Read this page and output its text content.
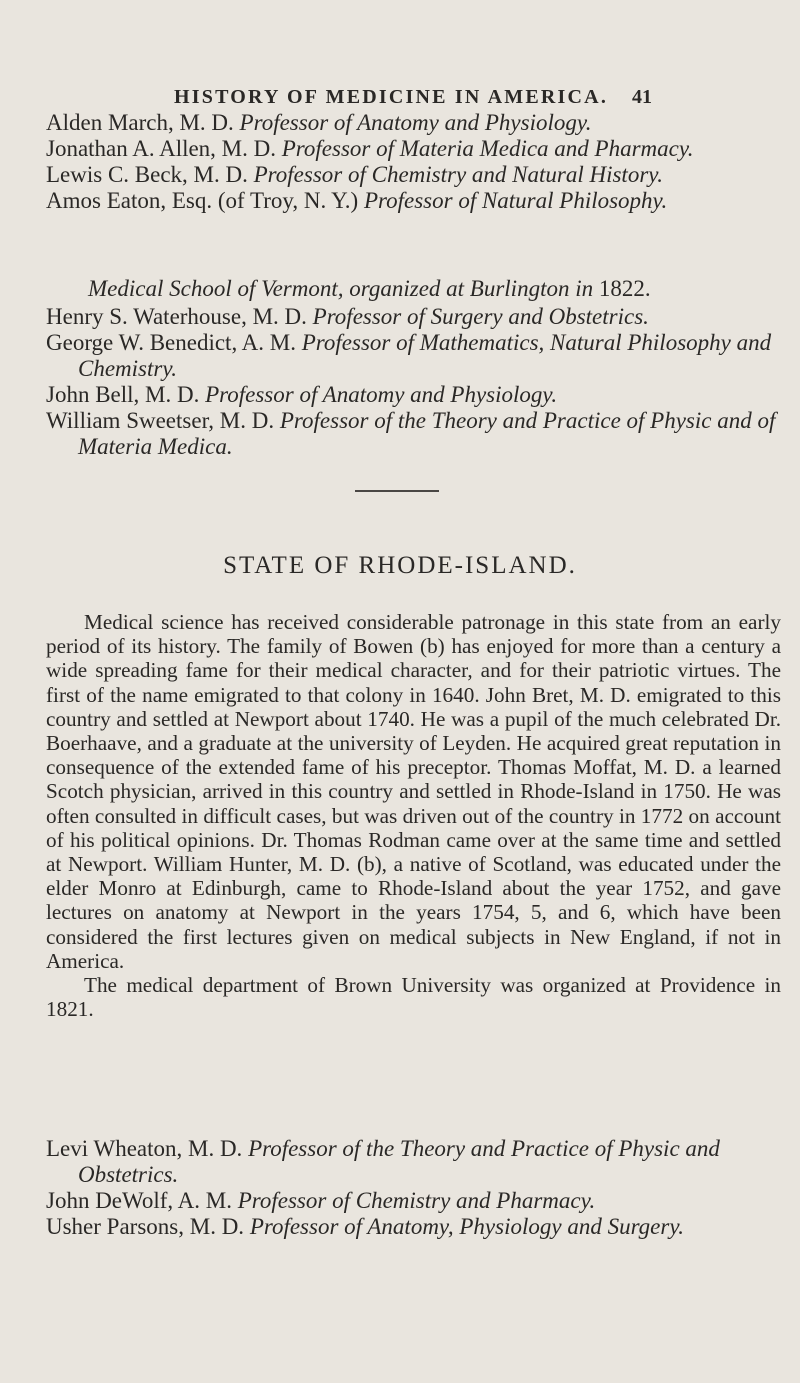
HISTORY OF MEDICINE IN AMERICA. 41

Alden March, M. D. Professor of Anatomy and Physiology.

Jonathan A. Allen, M. D. Professor of Materia Medica and Pharmacy.

Lewis C. Beck, M. D. Professor of Chemistry and Natural History.

Amos Eaton, Esq. (of Troy, N. Y.) Professor of Natural Philosophy.

Medical School of Vermont, organized at Burlington in 1822.

Henry S. Waterhouse, M. D. Professor of Surgery and Obstetrics.

George W. Benedict, A. M. Professor of Mathematics, Natural Philosophy and Chemistry.

John Bell, M. D. Professor of Anatomy and Physiology.

William Sweetser, M. D. Professor of the Theory and Practice of Physic and of Materia Medica.

STATE OF RHODE-ISLAND.

Medical science has received considerable patronage in this state from an early period of its history. The family of Bowen (b) has enjoyed for more than a century a wide spreading fame for their medical character, and for their patriotic virtues. The first of the name emigrated to that colony in 1640. John Bret, M. D. emigrated to this country and settled at Newport about 1740. He was a pupil of the much celebrated Dr. Boerhaave, and a graduate at the university of Leyden. He acquired great reputation in consequence of the extended fame of his preceptor. Thomas Moffat, M. D. a learned Scotch physician, arrived in this country and settled in Rhode-Island in 1750. He was often consulted in difficult cases, but was driven out of the country in 1772 on account of his political opinions. Dr. Thomas Rodman came over at the same time and settled at Newport. William Hunter, M. D. (b), a native of Scotland, was educated under the elder Monro at Edinburgh, came to Rhode-Island about the year 1752, and gave lectures on anatomy at Newport in the years 1754, 5, and 6, which have been considered the first lectures given on medical subjects in New England, if not in America.

The medical department of Brown University was organized at Providence in 1821.

Levi Wheaton, M. D. Professor of the Theory and Practice of Physic and Obstetrics.

John DeWolf, A. M. Professor of Chemistry and Pharmacy.

Usher Parsons, M. D. Professor of Anatomy, Physiology and Surgery.
